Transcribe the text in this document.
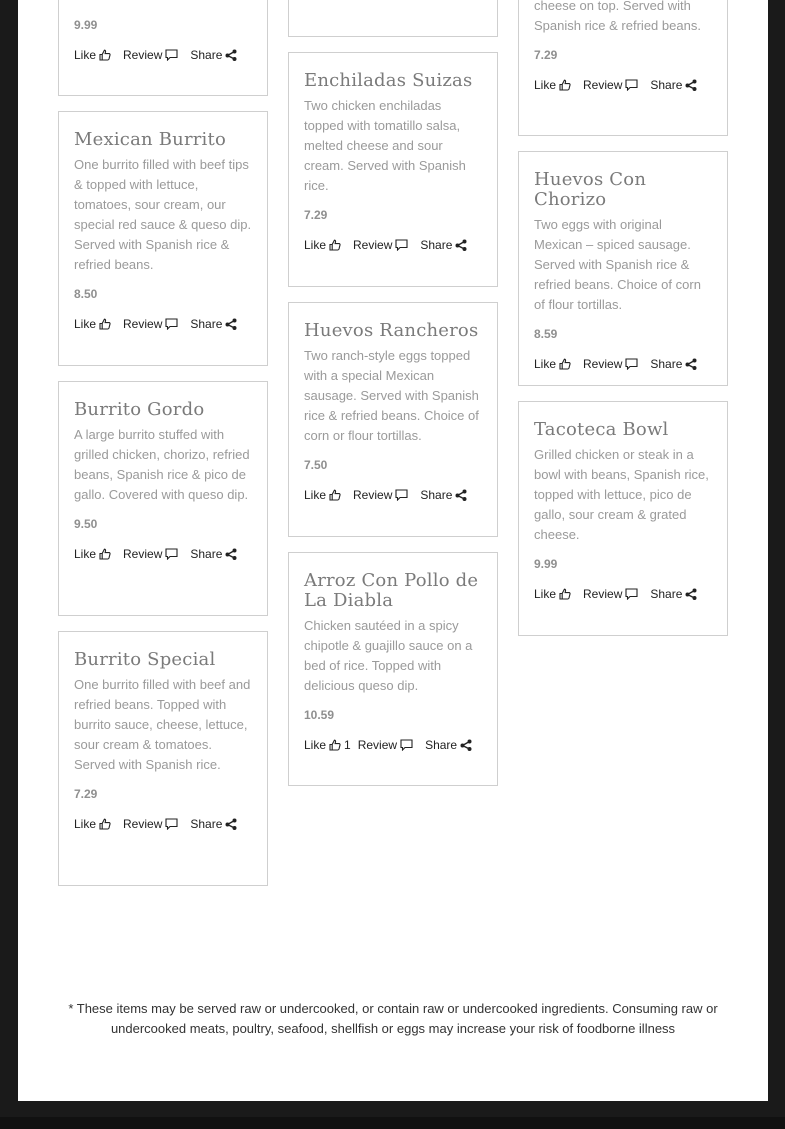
9.99
Like Review Share
cheese on top. Served with Spanish rice & refried beans.
7.29
Like Review Share
Mexican Burrito
One burrito filled with beef tips & topped with lettuce, tomatoes, sour cream, our special red sauce & queso dip. Served with Spanish rice & refried beans.
8.50
Like Review Share
Burrito Gordo
A large burrito stuffed with grilled chicken, chorizo, refried beans, Spanish rice & pico de gallo. Covered with queso dip.
9.50
Like Review Share
Burrito Special
One burrito filled with beef and refried beans. Topped with burrito sauce, cheese, lettuce, sour cream & tomatoes. Served with Spanish rice.
7.29
Like Review Share
Enchiladas Suizas
Two chicken enchiladas topped with tomatillo salsa, melted cheese and sour cream. Served with Spanish rice.
7.29
Like Review Share
Huevos Rancheros
Two ranch-style eggs topped with a special Mexican sausage. Served with Spanish rice & refried beans. Choice of corn or flour tortillas.
7.50
Like Review Share
Arroz Con Pollo de La Diabla
Chicken sautéed in a spicy chipotle & guajillo sauce on a bed of rice. Topped with delicious queso dip.
10.59
Like 1 Review Share
Huevos Con Chorizo
Two eggs with original Mexican – spiced sausage. Served with Spanish rice & refried beans. Choice of corn of flour tortillas.
8.59
Like Review Share
Tacoteca Bowl
Grilled chicken or steak in a bowl with beans, Spanish rice, topped with lettuce, pico de gallo, sour cream & grated cheese.
9.99
Like Review Share
* These items may be served raw or undercooked, or contain raw or undercooked ingredients. Consuming raw or undercooked meats, poultry, seafood, shellfish or eggs may increase your risk of foodborne illness
